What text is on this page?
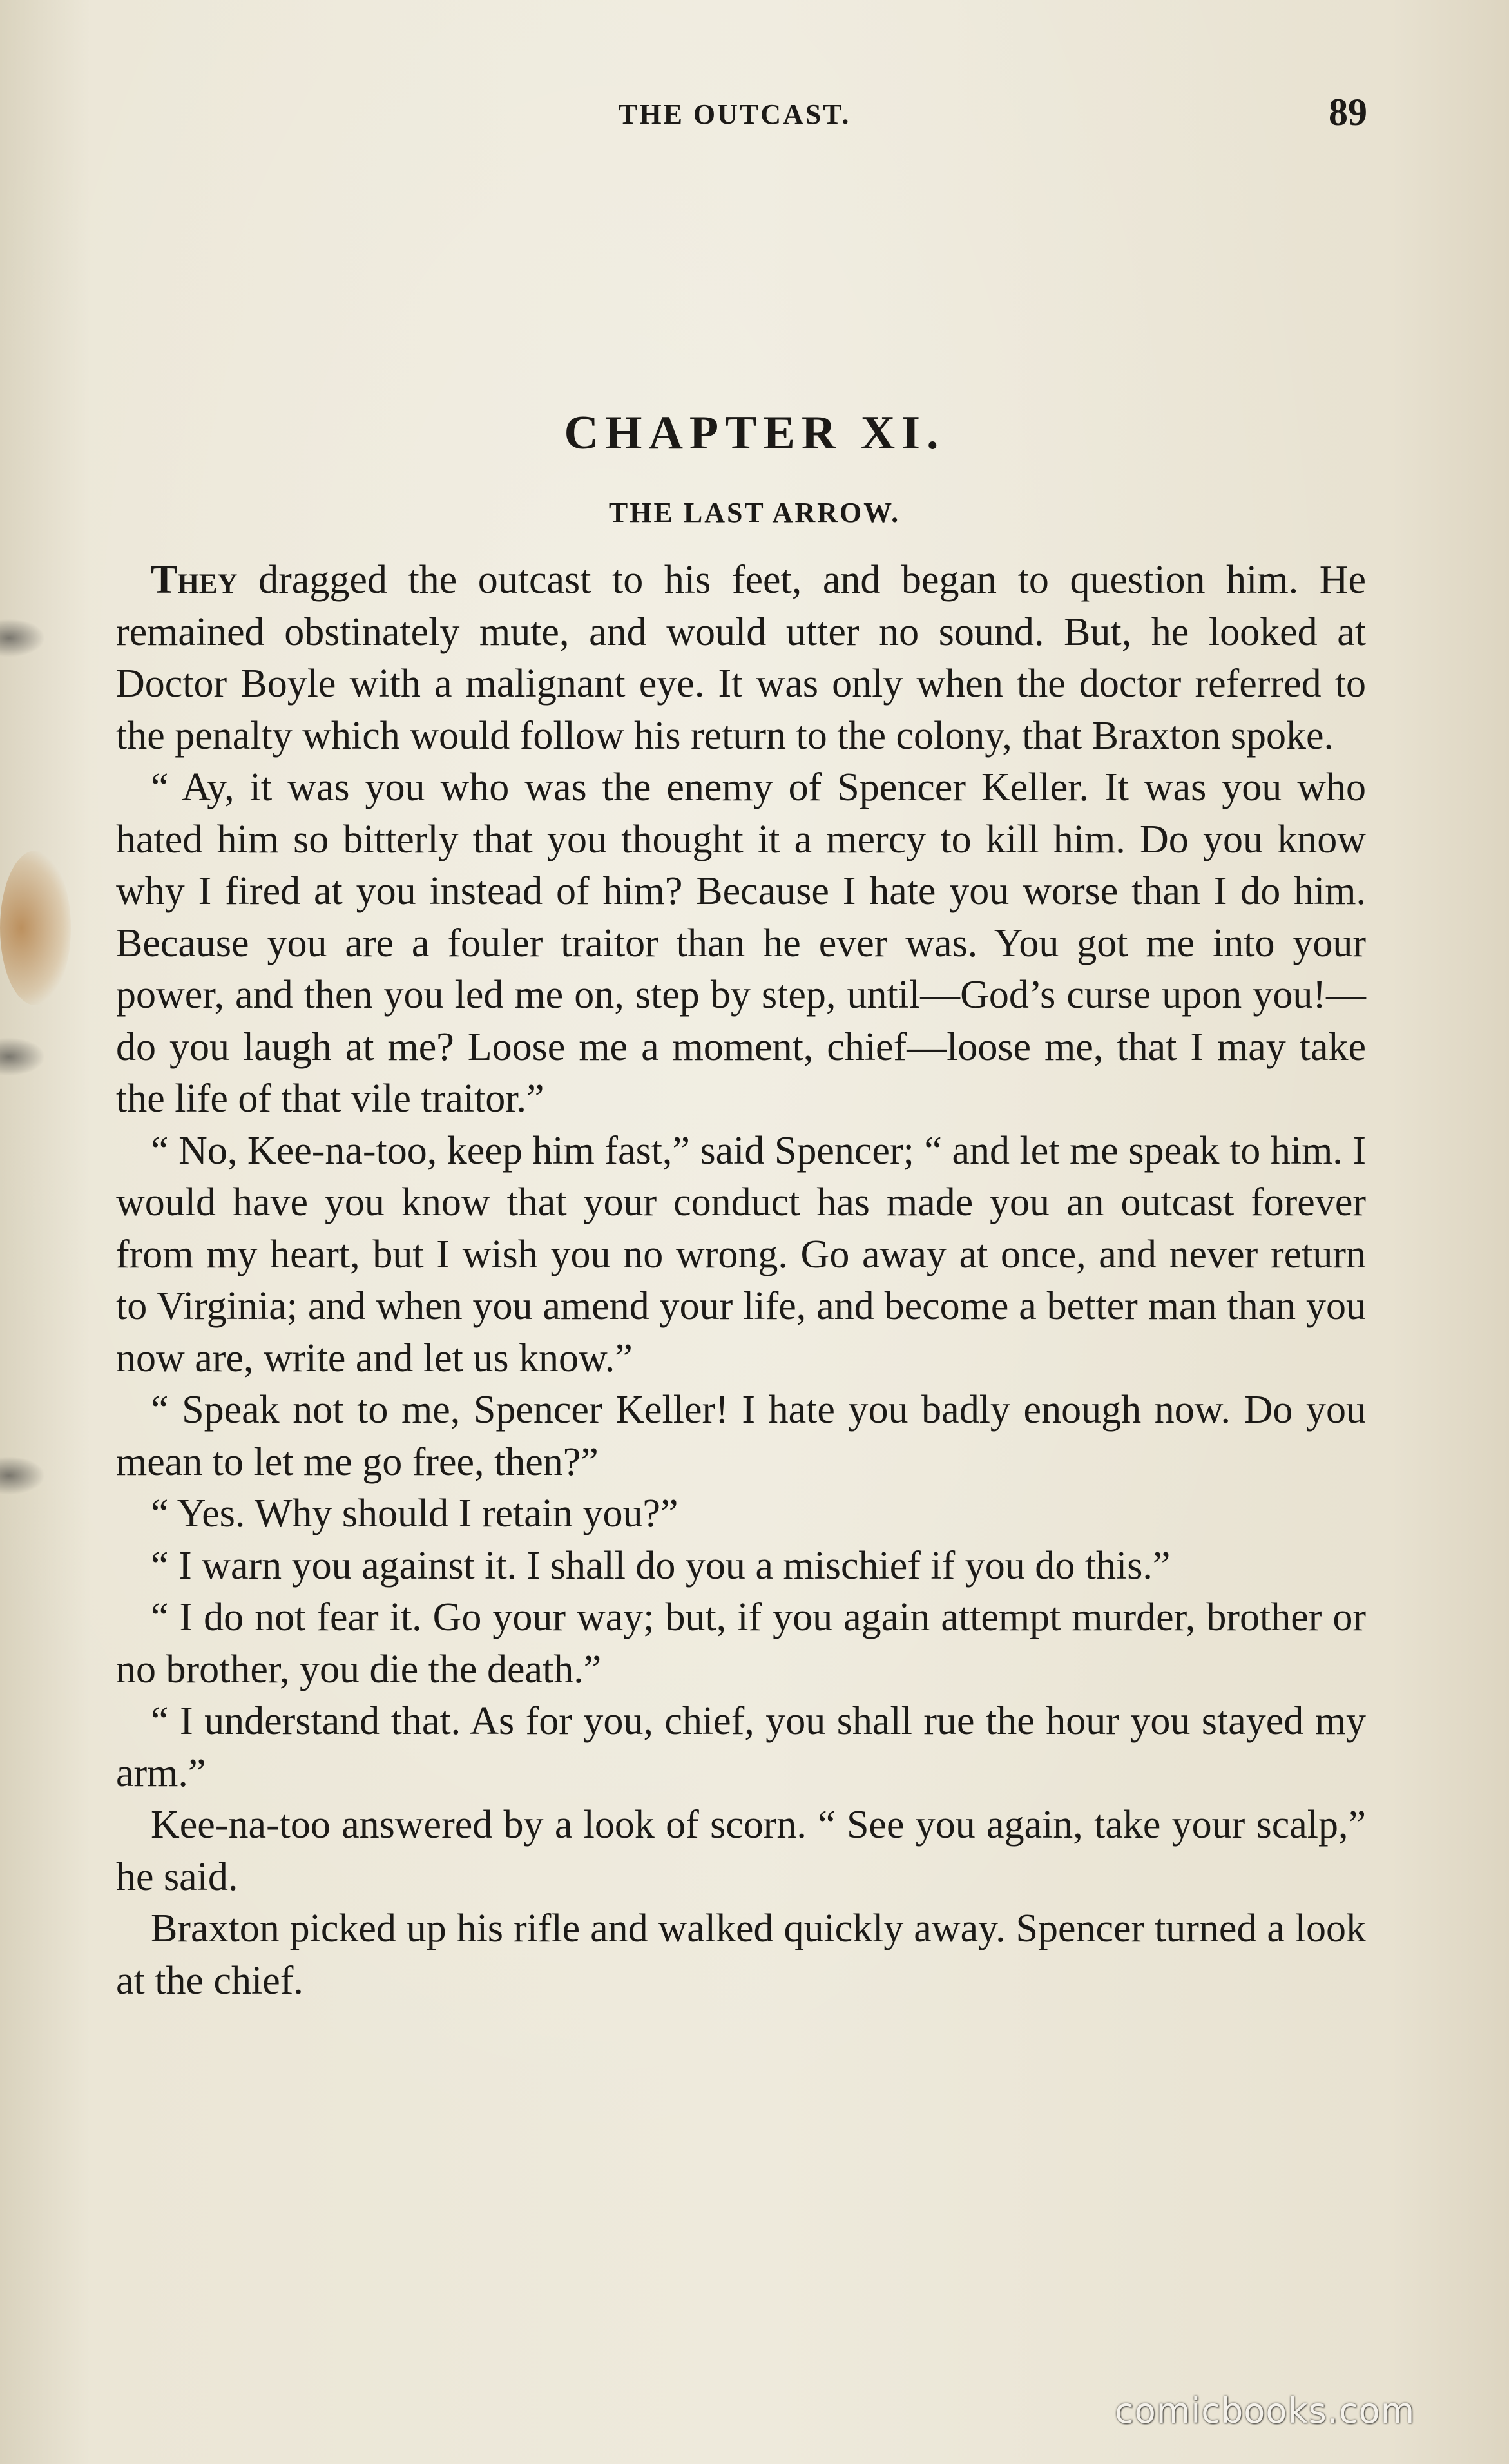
THE OUTCAST.	89
CHAPTER XI.
THE LAST ARROW.

They dragged the outcast to his feet, and began to question him. He remained obstinately mute, and would utter no sound. But, he looked at Doctor Boyle with a malignant eye. It was only when the doctor referred to the penalty which would follow his return to the colony, that Braxton spoke.

“ Ay, it was you who was the enemy of Spencer Keller. It was you who hated him so bitterly that you thought it a mercy to kill him. Do you know why I fired at you instead of him? Because I hate you worse than I do him. Because you are a fouler traitor than he ever was. You got me into your power, and then you led me on, step by step, until—God’s curse upon you!—do you laugh at me? Loose me a moment, chief—loose me, that I may take the life of that vile traitor.”

“ No, Kee-na-too, keep him fast,” said Spencer; “ and let me speak to him. I would have you know that your conduct has made you an outcast forever from my heart, but I wish you no wrong. Go away at once, and never return to Virginia; and when you amend your life, and become a better man than you now are, write and let us know.”

“ Speak not to me, Spencer Keller! I hate you badly enough now. Do you mean to let me go free, then?”

“ Yes. Why should I retain you?”

“ I warn you against it. I shall do you a mischief if you do this.”

“ I do not fear it. Go your way; but, if you again attempt murder, brother or no brother, you die the death.”

“ I understand that. As for you, chief, you shall rue the hour you stayed my arm.”

Kee-na-too answered by a look of scorn. “ See you again, take your scalp,” he said.

Braxton picked up his rifle and walked quickly away. Spencer turned a look at the chief.

comicbooks.com
